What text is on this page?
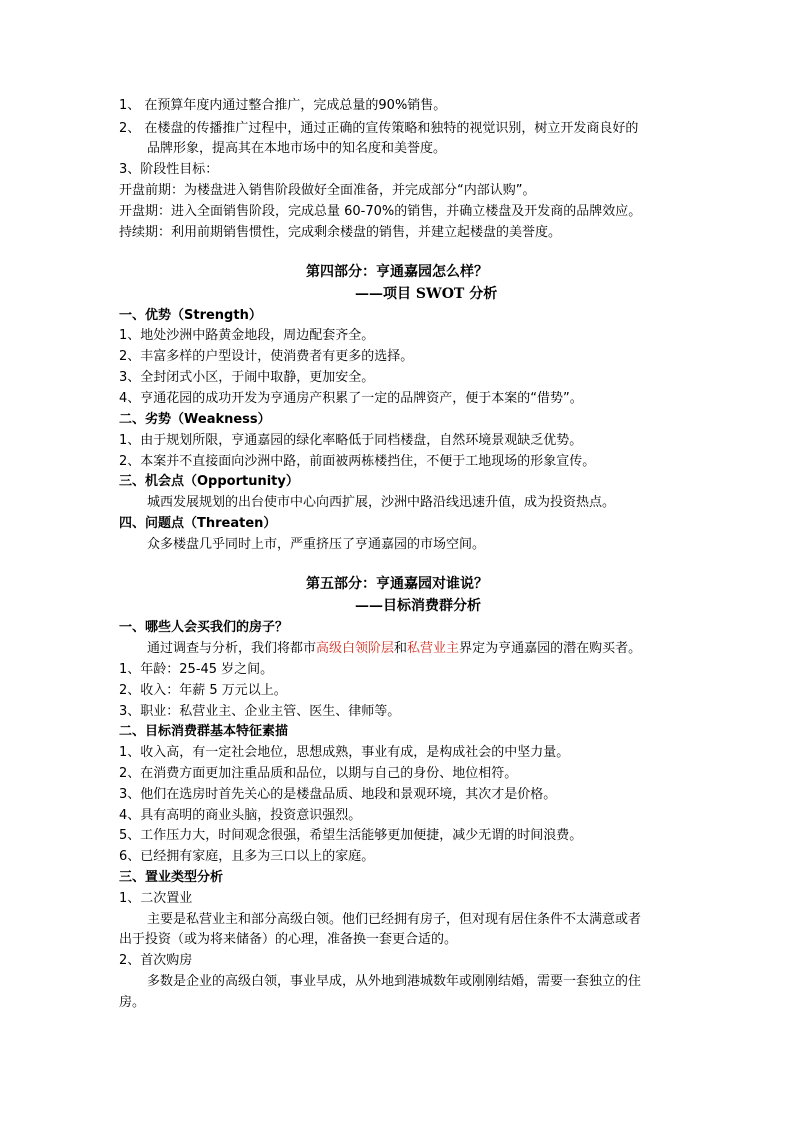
1、 在预算年度内通过整合推广，完成总量的90%销售。
2、 在楼盘的传播推广过程中，通过正确的宣传策略和独特的视觉识别，树立开发商良好的
品牌形象，提高其在本地市场中的知名度和美誉度。
3、阶段性目标：
开盘前期：为楼盘进入销售阶段做好全面准备，并完成部分“内部认购”。
开盘期：进入全面销售阶段，完成总量 60-70%的销售，并确立楼盘及开发商的品牌效应。
持续期：利用前期销售惯性，完成剩余楼盘的销售，并建立起楼盘的美誉度。
第四部分：亨通嘉园怎么样？
——项目 SWOT 分析
一、优势（Strength）
1、地处沙洲中路黄金地段，周边配套齐全。
2、丰富多样的户型设计，使消费者有更多的选择。
3、全封闭式小区，于闹中取静，更加安全。
4、亨通花园的成功开发为亨通房产积累了一定的品牌资产，便于本案的“借势”。
二、劣势（Weakness）
1、由于规划所限，亨通嘉园的绿化率略低于同档楼盘，自然环境景观缺乏优势。
2、本案并不直接面向沙洲中路，前面被两栋楼挡住，不便于工地现场的形象宣传。
三、机会点（Opportunity）
城西发展规划的出台使市中心向西扩展，沙洲中路沿线迅速升值，成为投资热点。
四、问题点（Threaten）
众多楼盘几乎同时上市，严重挤压了亨通嘉园的市场空间。
第五部分：亨通嘉园对谁说？
——目标消费群分析
一、哪些人会买我们的房子？
通过调查与分析，我们将都市高级白领阶层和私营业主界定为亨通嘉园的潜在购买者。
1、年龄：25-45 岁之间。
2、收入：年薪 5 万元以上。
3、职业：私营业主、企业主管、医生、律师等。
二、目标消费群基本特征素描
1、收入高，有一定社会地位，思想成熟，事业有成，是构成社会的中坚力量。
2、在消费方面更加注重品质和品位，以期与自己的身份、地位相符。
3、他们在选房时首先关心的是楼盘品质、地段和景观环境，其次才是价格。
4、具有高明的商业头脑，投资意识强烈。
5、工作压力大，时间观念很强，希望生活能够更加便捷，减少无谓的时间浪费。
6、已经拥有家庭，且多为三口以上的家庭。
三、置业类型分析
1、二次置业
主要是私营业主和部分高级白领。他们已经拥有房子，但对现有居住条件不太满意或者
出于投资（或为将来储备）的心理，准备换一套更合适的。
2、首次购房
多数是企业的高级白领，事业早成，从外地到港城数年或刚刚结婚，需要一套独立的住
房。
